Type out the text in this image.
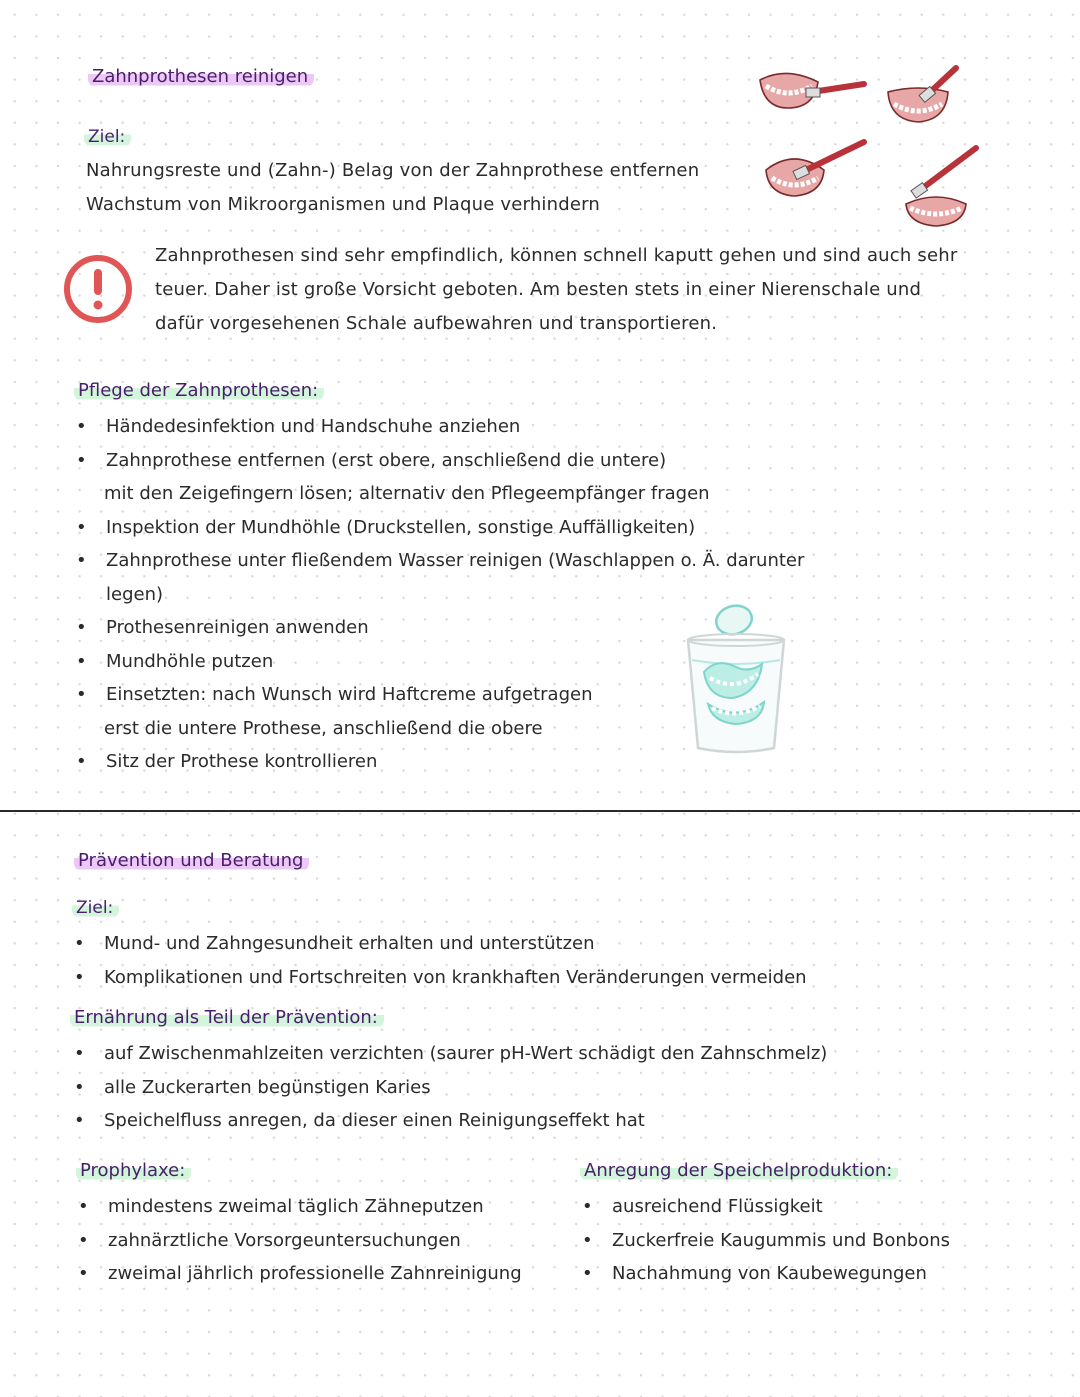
Zahnprothesen reinigen
Ziel:
Nahrungsreste und (Zahn-) Belag von der Zahnprothese entfernen
Wachstum von Mikroorganismen und Plaque verhindern
Zahnprothesen sind sehr empfindlich, können schnell kaputt gehen und sind auch sehr
teuer. Daher ist große Vorsicht geboten. Am besten stets in einer Nierenschale und
dafür vorgesehenen Schale aufbewahren und transportieren.
Pflege der Zahnprothesen:
• Händedesinfektion und Handschuhe anziehen
• Zahnprothese entfernen (erst obere, anschließend die untere)
mit den Zeigefingern lösen; alternativ den Pflegeempfänger fragen
• Inspektion der Mundhöhle (Druckstellen, sonstige Auffälligkeiten)
• Zahnprothese unter fließendem Wasser reinigen (Waschlappen o. Ä. darunter
legen)
• Prothesenreinigen anwenden
• Mundhöhle putzen
• Einsetzten: nach Wunsch wird Haftcreme aufgetragen
erst die untere Prothese, anschließend die obere
• Sitz der Prothese kontrollieren
Prävention und Beratung
Ziel:
• Mund- und Zahngesundheit erhalten und unterstützen
• Komplikationen und Fortschreiten von krankhaften Veränderungen vermeiden
Ernährung als Teil der Prävention:
• auf Zwischenmahlzeiten verzichten (saurer pH-Wert schädigt den Zahnschmelz)
• alle Zuckerarten begünstigen Karies
• Speichelfluss anregen, da dieser einen Reinigungseffekt hat
Prophylaxe:
• mindestens zweimal täglich Zähneputzen
• zahnärztliche Vorsorgeuntersuchungen
• zweimal jährlich professionelle Zahnreinigung
Anregung der Speichelproduktion:
• ausreichend Flüssigkeit
• Zuckerfreie Kaugummis und Bonbons
• Nachahmung von Kaubewegungen
